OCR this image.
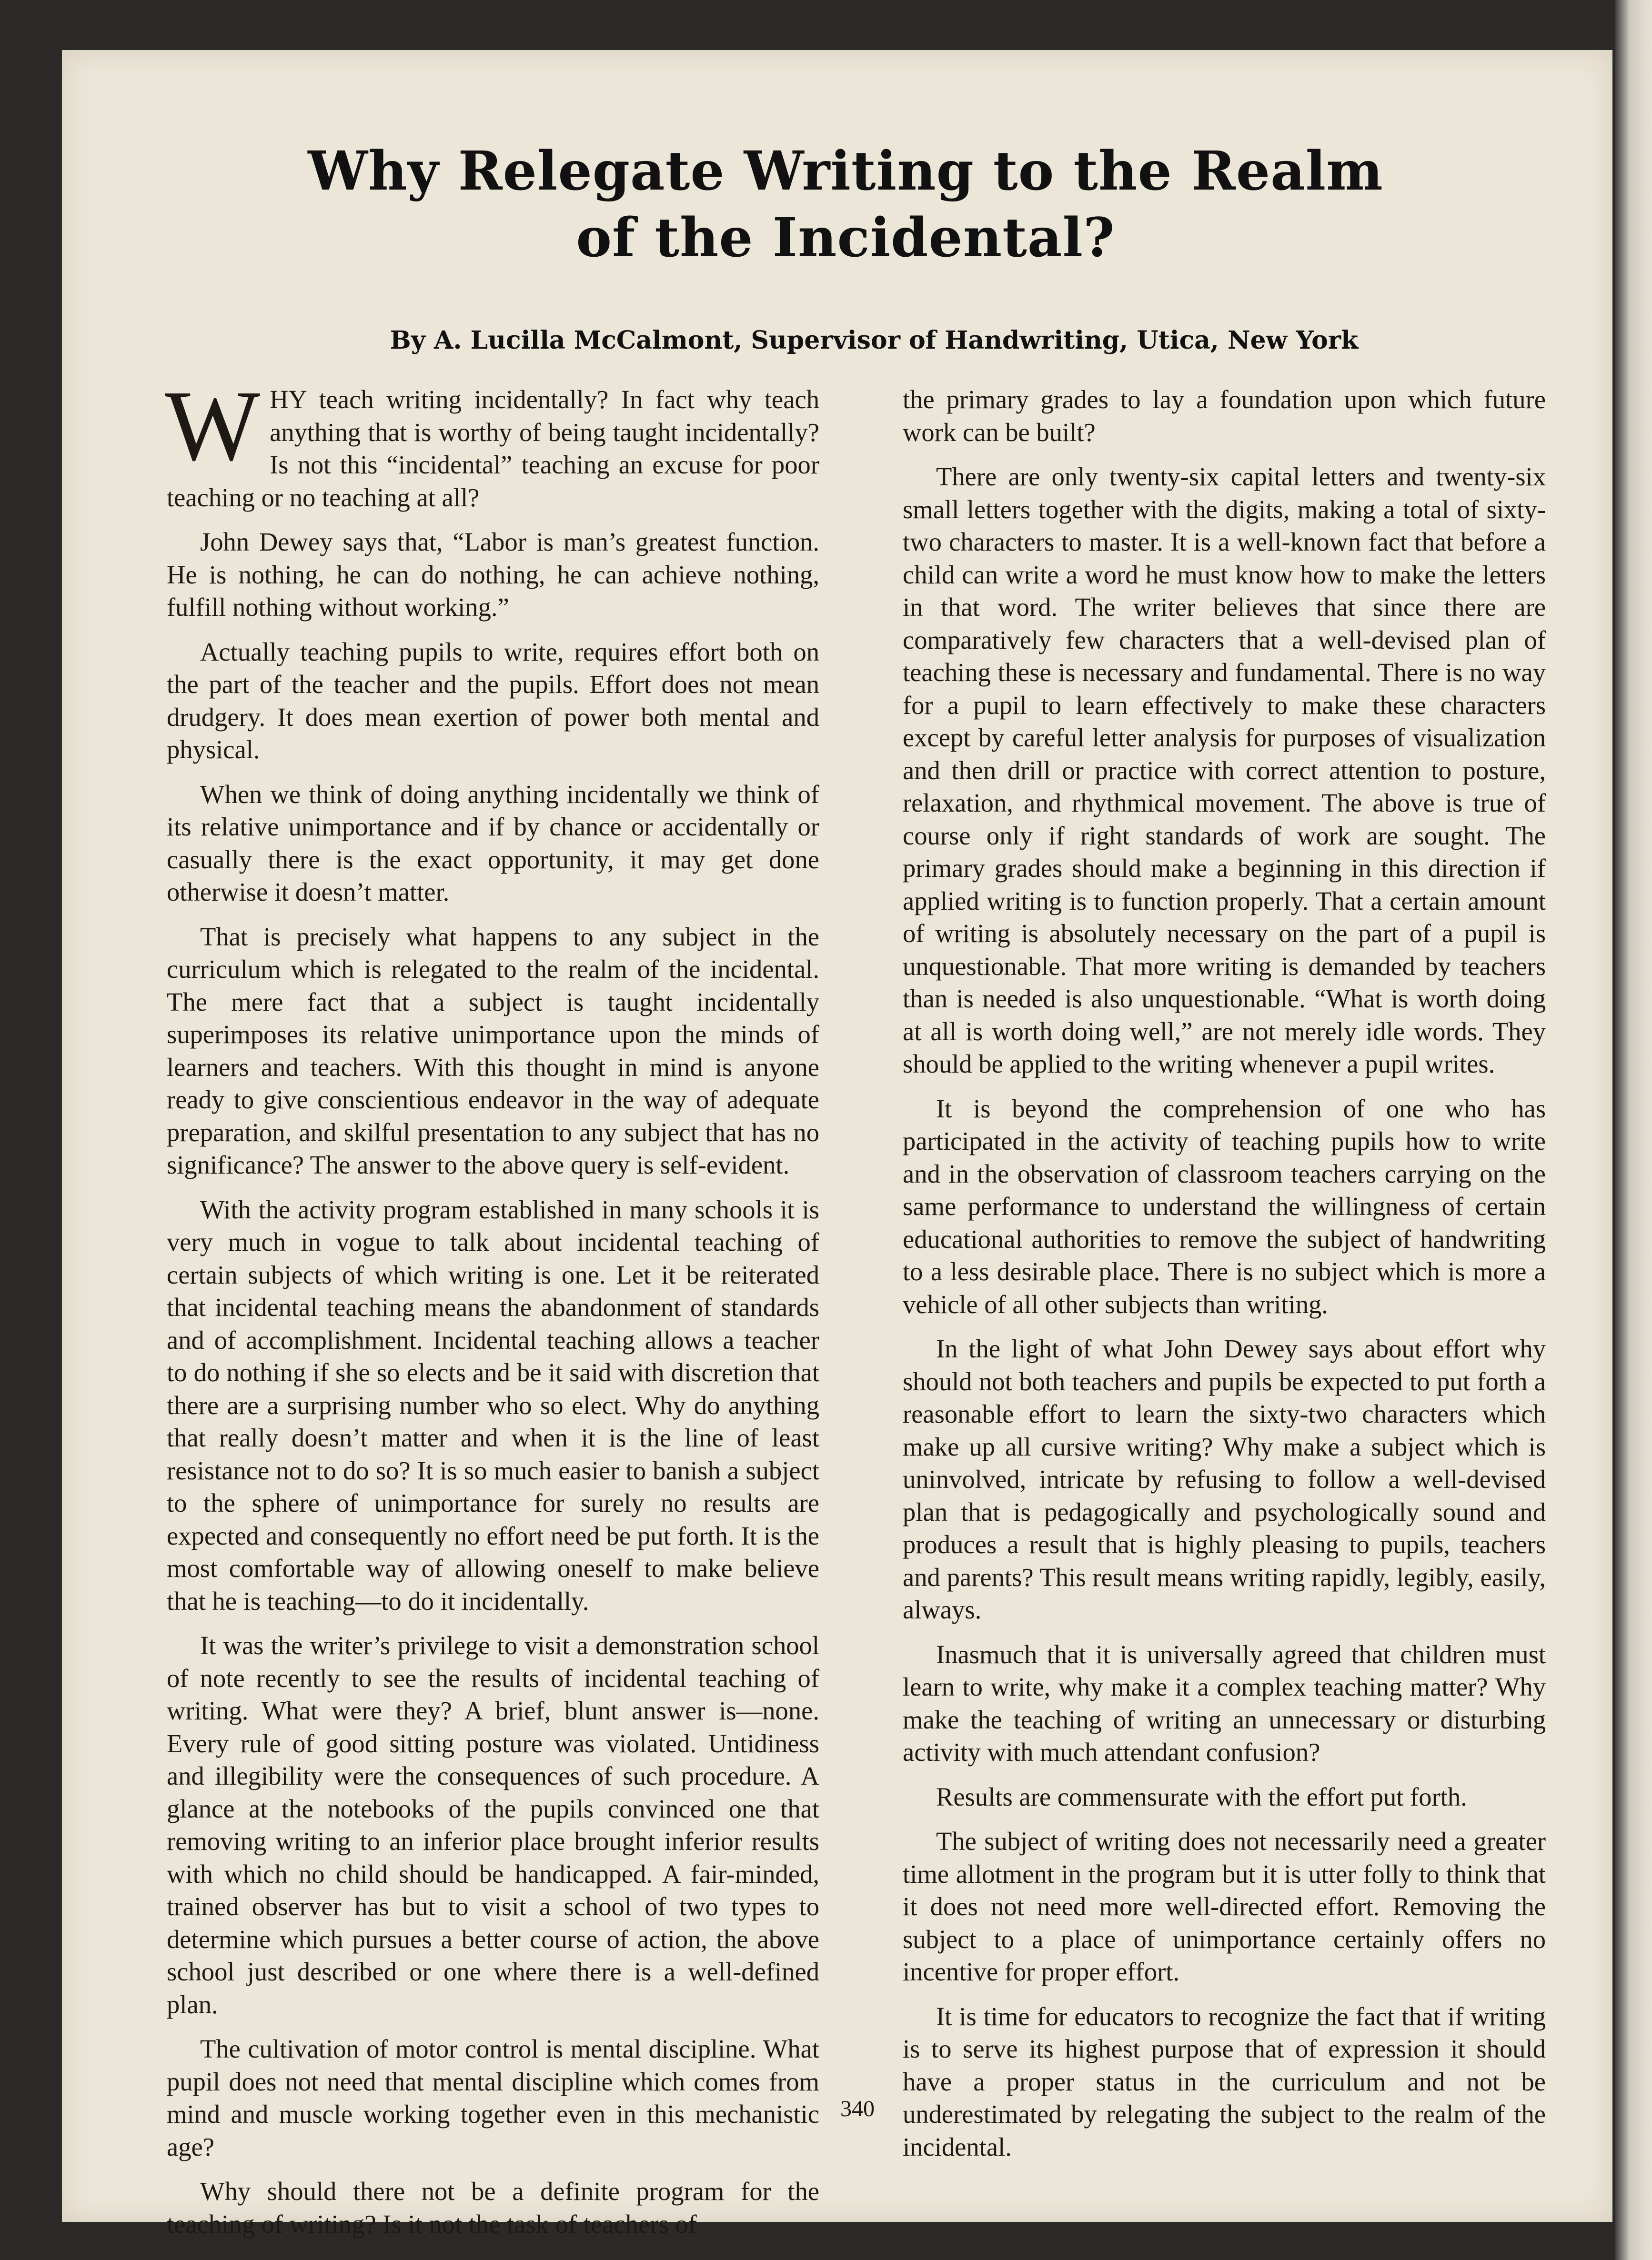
Why Relegate Writing to the Realm of the Incidental?
By A. Lucilla McCalmont, Supervisor of Handwriting, Utica, New York

WHY teach writing incidentally? In fact why teach anything that is worthy of being taught incidentally? Is not this “incidental” teaching an excuse for poor teaching or no teaching at all?

John Dewey says that, “Labor is man’s greatest function. He is nothing, he can do nothing, he can achieve nothing, fulfill nothing without working.”

Actually teaching pupils to write, requires effort both on the part of the teacher and the pupils. Effort does not mean drudgery. It does mean exertion of power both mental and physical.

When we think of doing anything incidentally we think of its relative unimportance and if by chance or accidentally or casually there is the exact opportunity, it may get done otherwise it doesn’t matter.

That is precisely what happens to any subject in the curriculum which is relegated to the realm of the incidental. The mere fact that a subject is taught incidentally superimposes its relative unimportance upon the minds of learners and teachers. With this thought in mind is anyone ready to give conscientious endeavor in the way of adequate preparation, and skilful presentation to any subject that has no significance? The answer to the above query is self-evident.

With the activity program established in many schools it is very much in vogue to talk about incidental teaching of certain subjects of which writing is one. Let it be reiterated that incidental teaching means the abandonment of standards and of accomplishment. Incidental teaching allows a teacher to do nothing if she so elects and be it said with discretion that there are a surprising number who so elect. Why do anything that really doesn’t matter and when it is the line of least resistance not to do so? It is so much easier to banish a subject to the sphere of unimportance for surely no results are expected and consequently no effort need be put forth. It is the most comfortable way of allowing oneself to make believe that he is teaching—to do it incidentally.

It was the writer’s privilege to visit a demonstration school of note recently to see the results of incidental teaching of writing. What were they? A brief, blunt answer is—none. Every rule of good sitting posture was violated. Untidiness and illegibility were the consequences of such procedure. A glance at the notebooks of the pupils convinced one that removing writing to an inferior place brought inferior results with which no child should be handicapped. A fair-minded, trained observer has but to visit a school of two types to determine which pursues a better course of action, the above school just described or one where there is a well-defined plan.

The cultivation of motor control is mental discipline. What pupil does not need that mental discipline which comes from mind and muscle working together even in this mechanistic age?

Why should there not be a definite program for the teaching of writing? Is it not the task of teachers of

the primary grades to lay a foundation upon which future work can be built?

There are only twenty-six capital letters and twenty-six small letters together with the digits, making a total of sixty-two characters to master. It is a well-known fact that before a child can write a word he must know how to make the letters in that word. The writer believes that since there are comparatively few characters that a well-devised plan of teaching these is necessary and fundamental. There is no way for a pupil to learn effectively to make these characters except by careful letter analysis for purposes of visualization and then drill or practice with correct attention to posture, relaxation, and rhythmical movement. The above is true of course only if right standards of work are sought. The primary grades should make a beginning in this direction if applied writing is to function properly. That a certain amount of writing is absolutely necessary on the part of a pupil is unquestionable. That more writing is demanded by teachers than is needed is also unquestionable. “What is worth doing at all is worth doing well,” are not merely idle words. They should be applied to the writing whenever a pupil writes.

It is beyond the comprehension of one who has participated in the activity of teaching pupils how to write and in the observation of classroom teachers carrying on the same performance to understand the willingness of certain educational authorities to remove the subject of handwriting to a less desirable place. There is no subject which is more a vehicle of all other subjects than writing.

In the light of what John Dewey says about effort why should not both teachers and pupils be expected to put forth a reasonable effort to learn the sixty-two characters which make up all cursive writing? Why make a subject which is uninvolved, intricate by refusing to follow a well-devised plan that is pedagogically and psychologically sound and produces a result that is highly pleasing to pupils, teachers and parents? This result means writing rapidly, legibly, easily, always.

Inasmuch that it is universally agreed that children must learn to write, why make it a complex teaching matter? Why make the teaching of writing an unnecessary or disturbing activity with much attendant confusion?

Results are commensurate with the effort put forth.

The subject of writing does not necessarily need a greater time allotment in the program but it is utter folly to think that it does not need more well-directed effort. Removing the subject to a place of unimportance certainly offers no incentive for proper effort.

It is time for educators to recognize the fact that if writing is to serve its highest purpose that of expression it should have a proper status in the curriculum and not be underestimated by relegating the subject to the realm of the incidental.

340
